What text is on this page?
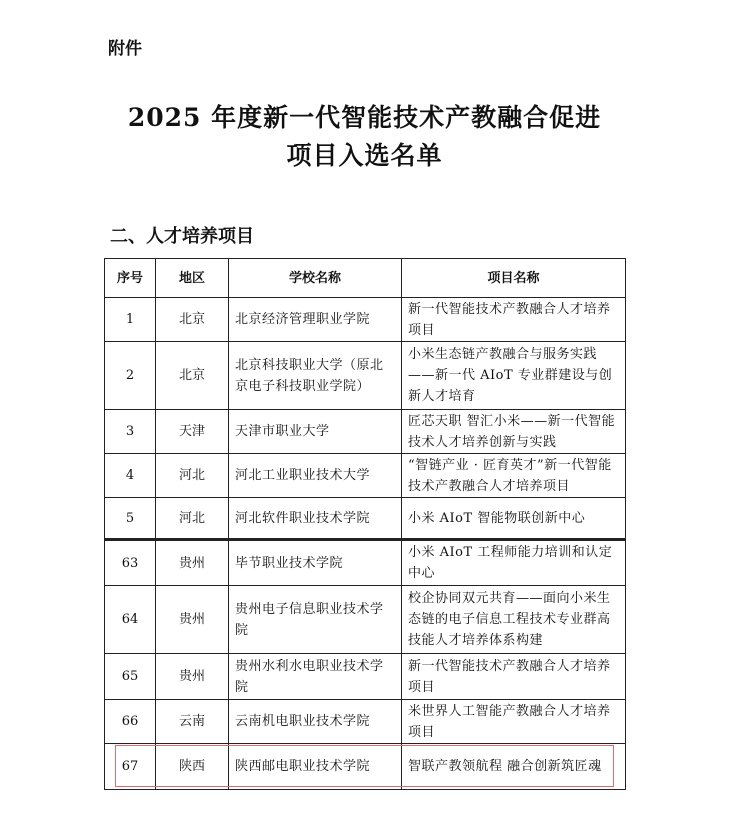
附件
2025 年度新一代智能技术产教融合促进
项目入选名单
二、人才培养项目
序号	地区	学校名称	项目名称
1	北京	北京经济管理职业学院	新一代智能技术产教融合人才培养项目
2	北京	北京科技职业大学（原北京电子科技职业学院）	小米生态链产教融合与服务实践——新一代 AIoT 专业群建设与创新人才培育
3	天津	天津市职业大学	匠芯天职 智汇小米——新一代智能技术人才培养创新与实践
4	河北	河北工业职业技术大学	“智链产业 · 匠育英才”新一代智能技术产教融合人才培养项目
5	河北	河北软件职业技术学院	小米 AIoT 智能物联创新中心
63	贵州	毕节职业技术学院	小米 AIoT 工程师能力培训和认定中心
64	贵州	贵州电子信息职业技术学院	校企协同双元共育——面向小米生态链的电子信息工程技术专业群高技能人才培养体系构建
65	贵州	贵州水利水电职业技术学院	新一代智能技术产教融合人才培养项目
66	云南	云南机电职业技术学院	米世界人工智能产教融合人才培养项目
67	陕西	陕西邮电职业技术学院	智联产教领航程 融合创新筑匠魂
